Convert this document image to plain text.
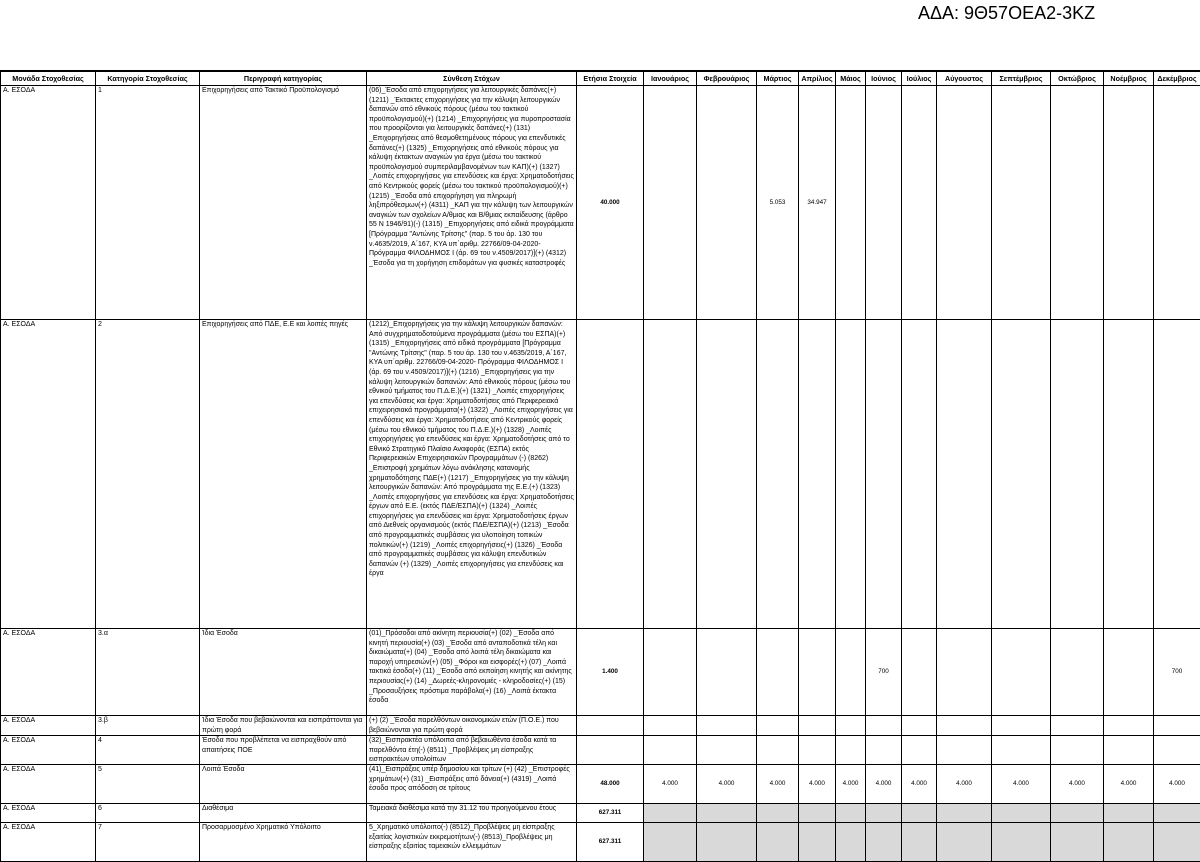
ΑΔΑ: 9Θ57ΟΕΑ2-3ΚΖ
Μονάδα Στοχοθεσίας	Κατηγορία Στοχοθεσίας	Περιγραφή κατηγορίας	Σύνθεση Στόχων	Ετήσια Στοιχεία	Ιανουάριος	Φεβρουάριος	Μάρτιος	Απρίλιος	Μάιος	Ιούνιος	Ιούλιος	Αύγουστος	Σεπτέμβριος	Οκτώβριος	Νοέμβριος	Δεκέμβριος

Α. ΕΣΟΔΑ	1	Επιχορηγήσεις από Τακτικό Προϋπολογισμό	(06)_Έσοδα από επιχορηγήσεις για λειτουργικές δαπάνες(+) (1211) _Έκτακτες επιχορηγήσεις για την κάλυψη λειτουργικών δαπανών από εθνικούς πόρους (μέσω του τακτικού προϋπολογισμού)(+) (1214) _Επιχορηγήσεις για πυροπροστασία που προορίζονται για λειτουργικές δαπάνες(+) (131) _Επιχορηγήσεις από θεσμοθετημένους πόρους για επενδυτικές δαπάνες(+) (1325) _Επιχορηγήσεις από εθνικούς πόρους για κάλυψη έκτακτων αναγκών για έργα (μέσω του τακτικού προϋπολογισμού συμπεριλαμβανομένων των ΚΑΠ)(+) (1327) _Λοιπές επιχορηγήσεις για επενδύσεις και έργα: Χρηματοδοτήσεις από Κεντρικούς φορείς (μέσω του τακτικού προϋπολογισμού)(+) (1215) _Έσοδα από επιχορήγηση για πληρωμή ληξιπρόθεσμων(+) (4311) _ΚΑΠ για την κάλυψη των λειτουργικών αναγκών των σχολείων Α/θμιας και Β/θμιας εκπαίδευσης (άρθρο 55 Ν 1946/91)(-) (1315) _Επιχορηγήσεις από ειδικά προγράμματα [Πρόγραμμα "Αντώνης Τρίτσης" (παρ. 5 του άρ. 130 του ν.4635/2019, Α΄167, ΚΥΑ υπ΄αριθμ. 22766/09-04-2020- Πρόγραμμα ΦΙΛΟΔΗΜΟΣ Ι (άρ. 69 του ν.4509/2017)](+) (4312) _Έσοδα για τη χορήγηση επιδομάτων για φυσικές καταστροφές	40.000			5.053	34.947								

Α. ΕΣΟΔΑ	2	Επιχορηγήσεις από ΠΔΕ, Ε.Ε και λοιπές πηγές	(1212)_Επιχορηγήσεις για την κάλυψη λειτουργικών δαπανών: Από συγχρηματοδοτούμενα προγράμματα (μέσω του ΕΣΠΑ)(+) (1315) _Επιχορηγήσεις από ειδικά προγράμματα [Πρόγραμμα "Αντώνης Τρίτσης" (παρ. 5 του άρ. 130 του ν.4635/2019, Α΄167, ΚΥΑ υπ΄αριθμ. 22766/09-04-2020- Πρόγραμμα ΦΙΛΟΔΗΜΟΣ Ι (άρ. 69 του ν.4509/2017)](+) (1216) _Επιχορηγήσεις για την κάλυψη λειτουργικών δαπανών: Από εθνικούς πόρους (μέσω του εθνικού τμήματος του Π.Δ.Ε.)(+) (1321) _Λοιπές επιχορηγήσεις για επενδύσεις και έργα: Χρηματοδοτήσεις από Περιφερειακά επιχειρησιακά προγράμματα(+) (1322) _Λοιπές επιχορηγήσεις για επενδύσεις και έργα: Χρηματοδοτήσεις από Κεντρικούς φορείς (μέσω του εθνικού τμήματος του Π.Δ.Ε.)(+) (1328) _Λοιπές επιχορηγήσεις για επενδύσεις και έργα: Χρηματοδοτήσεις από το Εθνικό Στρατηγικό Πλαίσιο Αναφοράς (ΕΣΠΑ) εκτός Περιφερειακών Επιχειρησιακών Προγραμμάτων (-) (8262) _Επιστροφή χρημάτων λόγω ανάκλησης κατανομής χρηματοδότησης ΠΔΕ(+) (1217) _Επιχορηγήσεις για την κάλυψη λειτουργικών δαπανών: Από προγράμματα της Ε.Ε.(+) (1323) _Λοιπές επιχορηγήσεις για επενδύσεις και έργα: Χρηματοδοτήσεις έργων από Ε.Ε. (εκτός ΠΔΕ/ΕΣΠΑ)(+) (1324) _Λοιπές επιχορηγήσεις για επενδύσεις και έργα: Χρηματοδοτήσεις έργων από Διεθνείς οργανισμούς (εκτός ΠΔΕ/ΕΣΠΑ)(+) (1213) _Έσοδα από προγραμματικές συμβάσεις για υλοποίηση τοπικών πολιτικών(+) (1219) _Λοιπές επιχορηγήσεις(+) (1326) _Έσοδα από προγραμματικές συμβάσεις για κάλυψη επενδυτικών δαπανών (+) (1329) _Λοιπές επιχορηγήσεις για επενδύσεις και έργα													

Α. ΕΣΟΔΑ	3.α	Ίδια Έσοδα	(01)_Πρόσοδοι από ακίνητη περιουσία(+) (02) _Έσοδα από κινητή περιουσία(+) (03) _Έσοδα από ανταποδοτικά τέλη και δικαιώματα(+) (04) _Έσοδα από λοιπά τέλη δικαιώματα και παροχή υπηρεσιών(+) (05) _Φόροι και εισφορές(+) (07) _Λοιπά τακτικά έσοδα(+) (11) _Έσοδα από εκποίηση κινητής και ακίνητης περιουσίας(+) (14) _Δωρεές-κληρονομιές - κληροδοσίες(+) (15) _Προσαυξήσεις πρόστιμα παράβολα(+) (16) _Λοιπά έκτακτα έσοδα	1.400						700						700

Α. ΕΣΟΔΑ	3.β	Ίδια Έσοδα που βεβαιώνονται και εισπράττονται για πρώτη φορά	(+) (2) _Έσοδα παρελθόντων οικονομικών ετών (Π.Ο.Ε.) που βεβαιώνονται για πρώτη φορά													

Α. ΕΣΟΔΑ	4	Έσοδα που προβλέπεται να εισπραχθούν από απαιτήσεις ΠΟΕ	(32)_Εισπρακτέα υπόλοιπα από βεβαιωθέντα έσοδα κατά τα παρελθόντα έτη(-) (8511) _Προβλέψεις μη είσπραξης εισπρακτέων υπολοίπων													

Α. ΕΣΟΔΑ	5	Λοιπά Έσοδα	(41)_Εισπράξεις υπέρ δημοσίου και τρίτων (+) (42) _Επιστροφές χρημάτων(+) (31) _Εισπράξεις από δάνεια(+) (4319) _Λοιπά έσοδα προς απόδοση σε τρίτους	48.000	4.000	4.000	4.000	4.000	4.000	4.000	4.000	4.000	4.000	4.000	4.000	4.000

Α. ΕΣΟΔΑ	6	Διαθέσιμα	Ταμειακά διαθέσιμα κατά την 31.12 του προηγούμενου έτους	627.311												

Α. ΕΣΟΔΑ	7	Προσαρμοσμένο Χρηματικό Υπόλοιπο	5_Χρηματικό υπόλοιπο(-) (8512)_Προβλέψεις μη είσπραξης εξαιτίας λογιστικών εκκρεμοτήτων(-) (8513)_Προβλέψεις μη είσπραξης εξαιτίας ταμειακών ελλειμμάτων	627.311												
